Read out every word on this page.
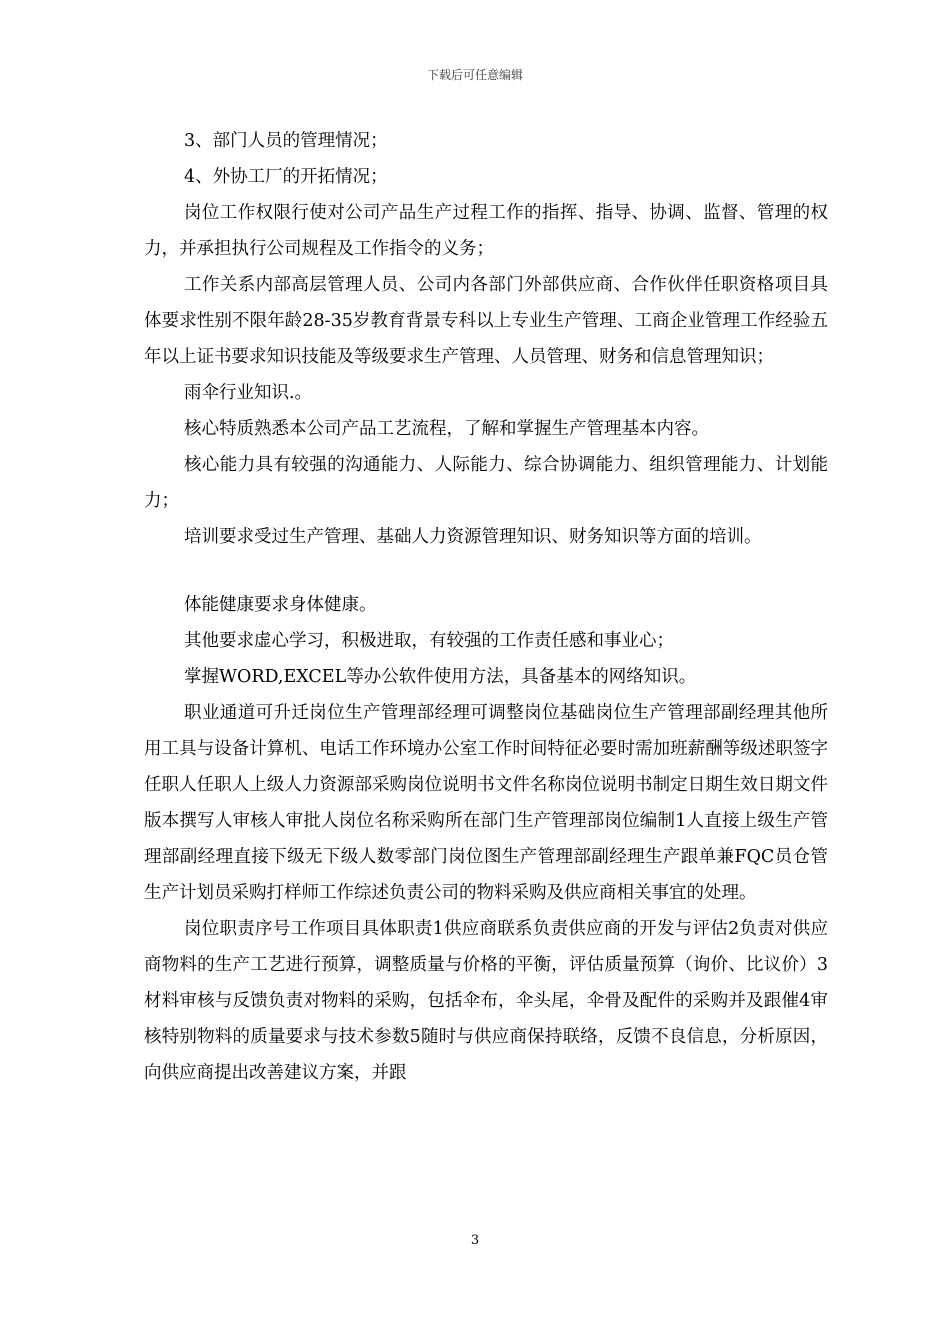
下载后可任意编辑

3、部门人员的管理情况；

4、外协工厂的开拓情况；

岗位工作权限行使对公司产品生产过程工作的指挥、指导、协调、监督、管理的权力，并承担执行公司规程及工作指令的义务；

工作关系内部高层管理人员、公司内各部门外部供应商、合作伙伴任职资格项目具体要求性别不限年龄28-35岁教育背景专科以上专业生产管理、工商企业管理工作经验五年以上证书要求知识技能及等级要求生产管理、人员管理、财务和信息管理知识；

雨伞行业知识.。

核心特质熟悉本公司产品工艺流程，了解和掌握生产管理基本内容。

核心能力具有较强的沟通能力、人际能力、综合协调能力、组织管理能力、计划能力；

培训要求受过生产管理、基础人力资源管理知识、财务知识等方面的培训。

体能健康要求身体健康。

其他要求虚心学习，积极进取，有较强的工作责任感和事业心；

掌握WORD,EXCEL等办公软件使用方法，具备基本的网络知识。

职业通道可升迁岗位生产管理部经理可调整岗位基础岗位生产管理部副经理其他所用工具与设备计算机、电话工作环境办公室工作时间特征必要时需加班薪酬等级述职签字任职人任职人上级人力资源部采购岗位说明书文件名称岗位说明书制定日期生效日期文件版本撰写人审核人审批人岗位名称采购所在部门生产管理部岗位编制1人直接上级生产管理部副经理直接下级无下级人数零部门岗位图生产管理部副经理生产跟单兼FQC员仓管生产计划员采购打样师工作综述负责公司的物料采购及供应商相关事宜的处理。

岗位职责序号工作项目具体职责1供应商联系负责供应商的开发与评估2负责对供应商物料的生产工艺进行预算，调整质量与价格的平衡，评估质量预算（询价、比议价）3材料审核与反馈负责对物料的采购，包括伞布，伞头尾，伞骨及配件的采购并及跟催4审核特别物料的质量要求与技术参数5随时与供应商保持联络，反馈不良信息，分析原因，向供应商提出改善建议方案，并跟

3
